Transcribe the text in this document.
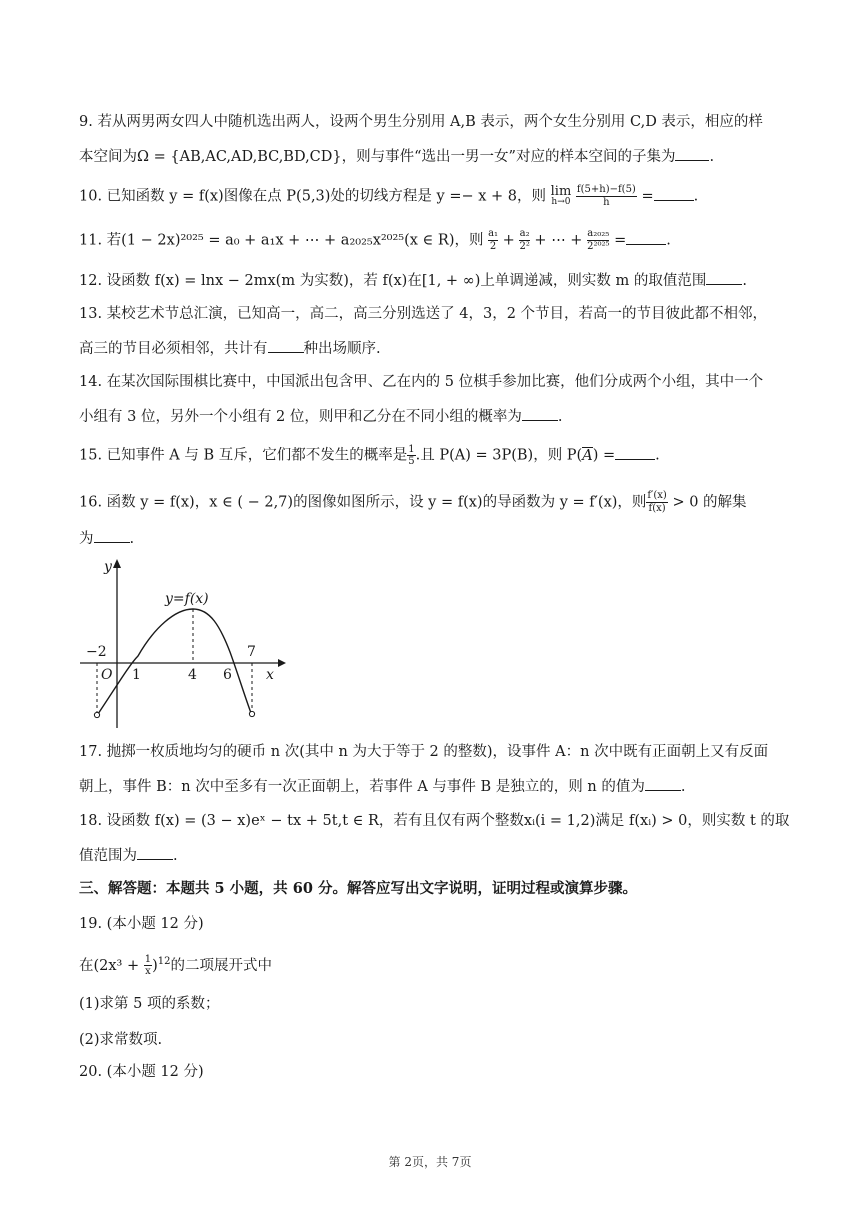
9. 若从两男两女四人中随机选出两人，设两个男生分别用 A,B 表示，两个女生分别用 C,D 表示，相应的样
本空间为Ω = {AB,AC,AD,BC,BD,CD}，则与事件“选出一男一女”对应的样本空间的子集为 .
10. 已知函数 y = f(x)图像在点 P(5,3)处的切线方程是 y =− x + 8，则 lim
h→0
$\frac{f(5+h)-f(5)}{h}$ =	.
11. 若(1 − 2x)²⁰²⁵ = a₀ + a₁x + ⋯ + a₂₀₂₅x²⁰²⁵(x ∈ R)，则 $\frac{\text{a₁}}{2} + \frac{\text{a₂}}{\text{2²}}$ + ⋯ + $\frac{\text{a₂₀₂₅}}{\text{2²⁰²⁵}}$ =	.
12. 设函数 f(x) = lnx − 2mx(m 为实数)，若 f(x)在[1, + ∞)上单调递减，则实数 m 的取值范围 .
13. 某校艺术节总汇演，已知高一，高二，高三分别选送了 4，3，2 个节目，若高一的节目彼此都不相邻，
高三的节目必须相邻，共计有 种出场顺序.
14. 在某次国际围棋比赛中，中国派出包含甲、乙在内的 5 位棋手参加比赛，他们分成两个小组，其中一个
小组有 3 位，另外一个小组有 2 位，则甲和乙分在不同小组的概率为 .
15. 已知事件 A 与 B 互斥，它们都不发生的概率是 $\frac{1}{5}$ .且 P(A) = 3P(B)，则 P(A) =	.
16. 函数 y = f(x)，x ∈ ( − 2,7)的图像如图所示，设 y = f(x)的导函数为 y = f′(x)，则 $\frac{f'(x)}{f(x)} > 0$ 的解集
为 .
y=f(x)
y
x
O
−2
1	4 6
7
17. 抛掷一枚质地均匀的硬币 n 次(其中 n 为大于等于 2 的整数)，设事件 A：n 次中既有正面朝上又有反面
朝上，事件 B：n 次中至多有一次正面朝上，若事件 A 与事件 B 是独立的，则 n 的值为 .
18. 设函数 f(x) = (3 − x)eˣ − tx + 5t,t ∈ R，若有且仅有两个整数xᵢ(i = 1,2)满足 f(xᵢ) > 0，则实数 t 的取
值范围为 .
三、解答题：本题共 5 小题，共 60 分。解答应写出文字说明，证明过程或演算步骤。
19. (本小题 12 分)
在$(2x^3 + \frac{1}{x} )^{12}$的二项展开式中
(1)求第 5 项的系数；
(2)求常数项.
20. (本小题 12 分)
第 2页，共 7页
